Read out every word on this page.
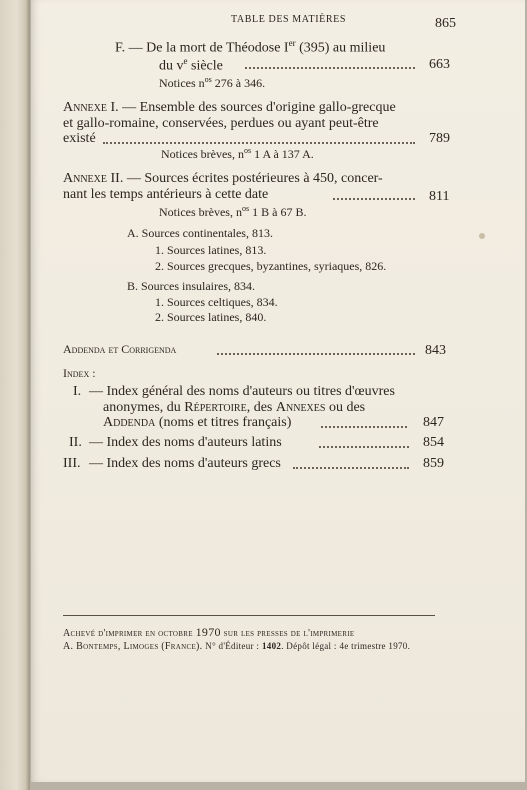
TABLE DES MATIÈRES	865
F. — De la mort de Théodose Ier (395) au milieu
du $v^e$ siècle	663
Notices $n^{os}$ 276 à 346.
Annexe I. — Ensemble des sources d'origine gallo-grecque
et gallo-romaine, conservées, perdues ou ayant peut-être
existé	789
Notices brèves, $n^{os}$ 1 A à 137 A.
Annexe II. — Sources écrites postérieures à 450, concer-
nant les temps antérieurs à cette date	811
Notices brèves, $n^{os}$ 1 B à 67 B.
A. Sources continentales, 813.
1. Sources latines, 813.
2. Sources grecques, byzantines, syriaques, 826.
B. Sources insulaires, 834.
1. Sources celtiques, 834.
2. Sources latines, 840.
Addenda et Corrigenda	843
Index :
I. — Index général des noms d'auteurs ou titres d'œuvres
anonymes, du Répertoire, des Annexes ou des
Addenda (noms et titres français)	847
II. — Index des noms d'auteurs latins	854
III. — Index des noms d'auteurs grecs	859
Achevé d'imprimer en octobre 1970 sur les presses de l'imprimerie
A. Bontemps, Limoges (France). N° d'Éditeur : 1402. Dépôt légal : 4e trimestre 1970.
